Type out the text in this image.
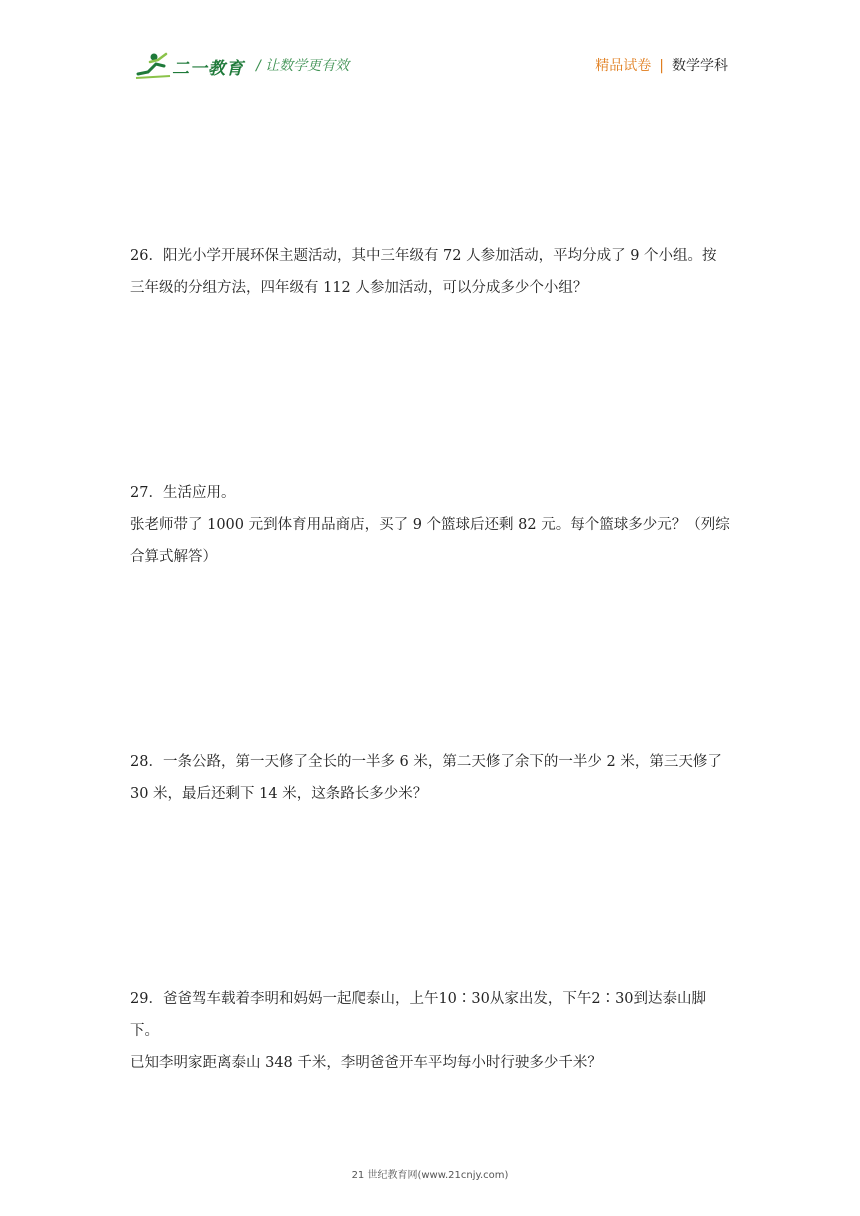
二一教育 / 让数学更有效	精品试卷 | 数学学科

26．阳光小学开展环保主题活动，其中三年级有 72 人参加活动，平均分成了 9 个小组。按

三年级的分组方法，四年级有 112 人参加活动，可以分成多少个小组？

27．生活应用。

张老师带了 1000 元到体育用品商店，买了 9 个篮球后还剩 82 元。每个篮球多少元？（列综

合算式解答）

28．一条公路，第一天修了全长的一半多 6 米，第二天修了余下的一半少 2 米，第三天修了

30 米，最后还剩下 14 米，这条路长多少米？

29．爸爸驾车载着李明和妈妈一起爬泰山，上午10∶30从家出发，下午2∶30到达泰山脚下。

已知李明家距离泰山 348 千米，李明爸爸开车平均每小时行驶多少千米？

21 世纪教育网(www.21cnjy.com)
